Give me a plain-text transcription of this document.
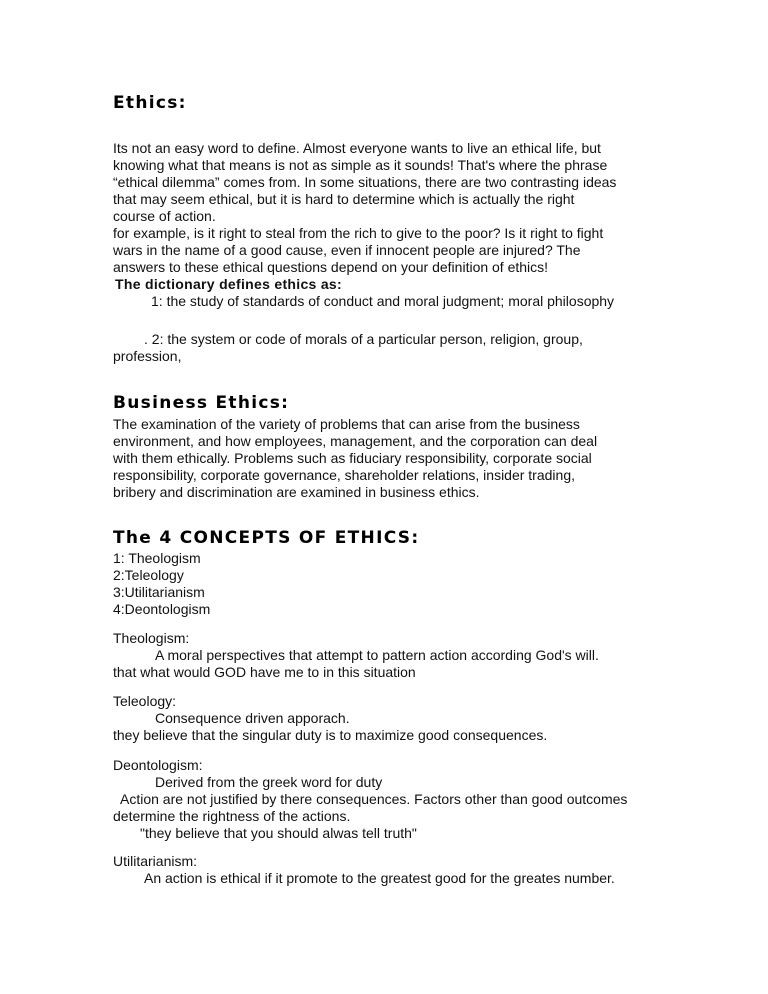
Ethics:
Its not an easy word to define. Almost everyone wants to live an ethical life, but
knowing what that means is not as simple as it sounds! That's where the phrase
“ethical dilemma” comes from. In some situations, there are two contrasting ideas
that may seem ethical, but it is hard to determine which is actually the right
course of action.
for example, is it right to steal from the rich to give to the poor? Is it right to fight
wars in the name of a good cause, even if innocent people are injured? The
answers to these ethical questions depend on your definition of ethics!
The dictionary defines ethics as:
1: the study of standards of conduct and moral judgment; moral philosophy
. 2: the system or code of morals of a particular person, religion, group,
profession,
Business Ethics:
The examination of the variety of problems that can arise from the business
environment, and how employees, management, and the corporation can deal
with them ethically. Problems such as fiduciary responsibility, corporate social
responsibility, corporate governance, shareholder relations, insider trading,
bribery and discrimination are examined in business ethics.
The 4 CONCEPTS OF ETHICS:
1: Theologism
2:Teleology
3:Utilitarianism
4:Deontologism
Theologism:
A moral perspectives that attempt to pattern action according God's will.
that what would GOD have me to in this situation
Teleology:
Consequence driven apporach.
they believe that the singular duty is to maximize good consequences.
Deontologism:
Derived from the greek word for duty
Action are not justified by there consequences. Factors other than good outcomes
determine the rightness of the actions.
"they believe that you should alwas tell truth"
Utilitarianism:
An action is ethical if it promote to the greatest good for the greates number.
